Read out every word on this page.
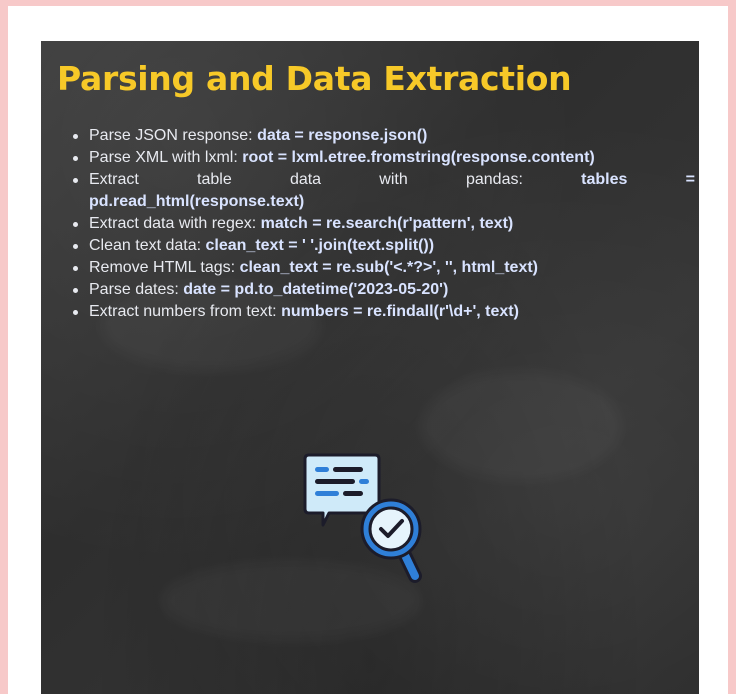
Parsing and Data Extraction
Parse JSON response: data = response.json()
Parse XML with lxml: root = lxml.etree.fromstring(response.content)
Extract	table	data	with	pandas:	tables	=
pd.read_html(response.text)
Extract data with regex: match = re.search(r'pattern', text)
Clean text data: clean_text = ' '.join(text.split())
Remove HTML tags: clean_text = re.sub('<.*?>', '', html_text)
Parse dates: date = pd.to_datetime('2023-05-20')
Extract numbers from text: numbers = re.findall(r'\d+', text)
